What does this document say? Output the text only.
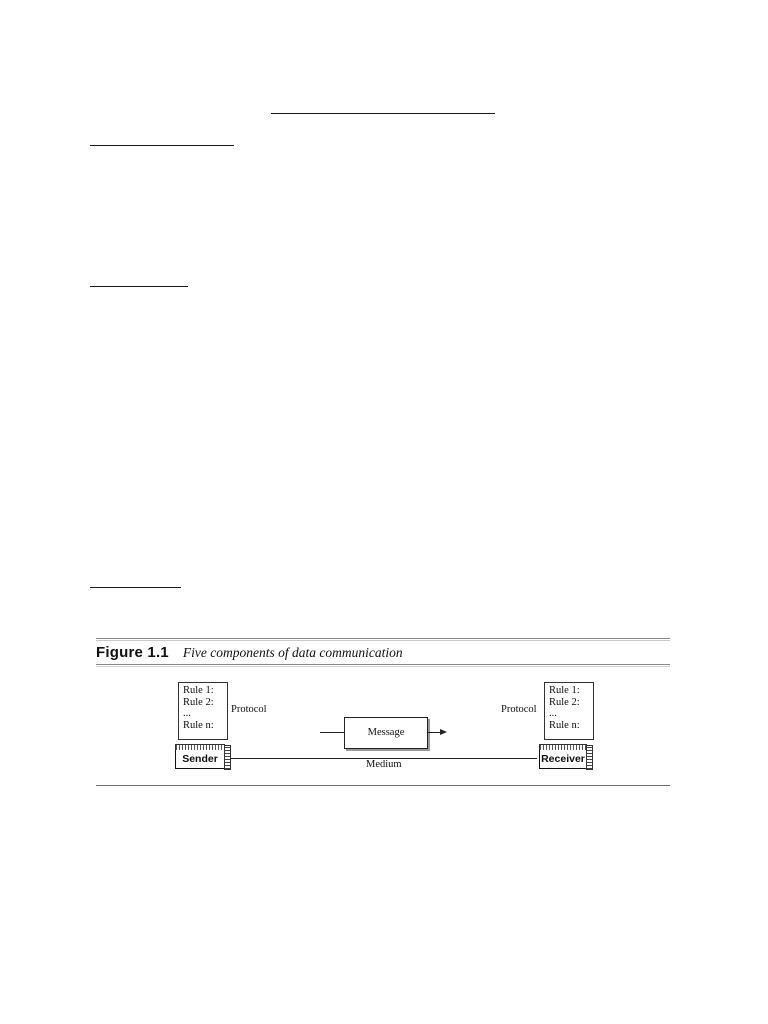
Figure 1.1 Five components of data communication
Rule 1:
Rule 2:
...
Rule n:
Protocol
Rule 1:
Rule 2:
...
Rule n:
Protocol
Message
Sender	Medium	Receiver
